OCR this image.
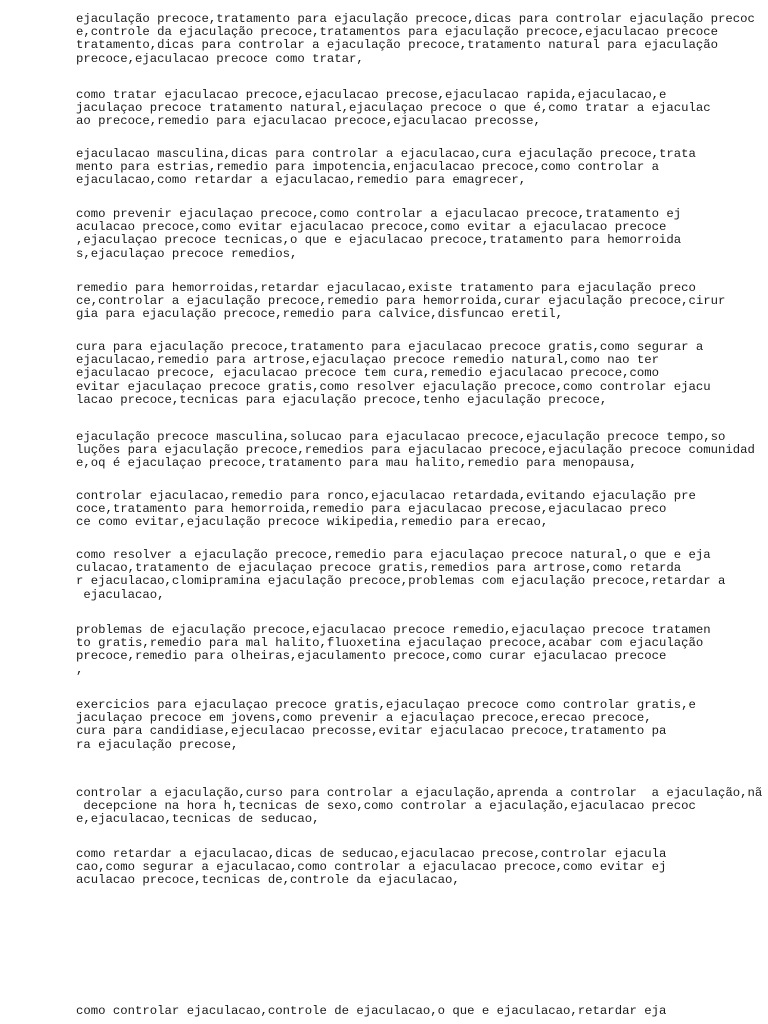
ejaculação precoce,tratamento para ejaculação precoce,dicas para controlar ejaculação precoc
e,controle da ejaculação precoce,tratamentos para ejaculação precoce,ejaculacao precoce
tratamento,dicas para controlar a ejaculação precoce,tratamento natural para ejaculação
precoce,ejaculacao precoce como tratar,

como tratar ejaculacao precoce,ejaculacao precose,ejaculacao rapida,ejaculacao,e
jaculaçao precoce tratamento natural,ejaculaçao precoce o que é,como tratar a ejaculac
ao precoce,remedio para ejaculacao precoce,ejaculacao precosse,

ejaculacao masculina,dicas para controlar a ejaculacao,cura ejaculação precoce,trata
mento para estrias,remedio para impotencia,enjaculacao precoce,como controlar a
ejaculacao,como retardar a ejaculacao,remedio para emagrecer,

como prevenir ejaculaçao precoce,como controlar a ejaculacao precoce,tratamento ej
aculacao precoce,como evitar ejaculacao precoce,como evitar a ejaculacao precoce
,ejaculaçao precoce tecnicas,o que e ejaculacao precoce,tratamento para hemorroida
s,ejaculaçao precoce remedios,

remedio para hemorroidas,retardar ejaculacao,existe tratamento para ejaculação preco
ce,controlar a ejaculação precoce,remedio para hemorroida,curar ejaculação precoce,cirur
gia para ejaculação precoce,remedio para calvice,disfuncao eretil,

cura para ejaculação precoce,tratamento para ejaculacao precoce gratis,como segurar a
ejaculacao,remedio para artrose,ejaculaçao precoce remedio natural,como nao ter
ejaculacao precoce, ejaculacao precoce tem cura,remedio ejaculacao precoce,como
evitar ejaculaçao precoce gratis,como resolver ejaculação precoce,como controlar ejacu
lacao precoce,tecnicas para ejaculação precoce,tenho ejaculação precoce,

ejaculação precoce masculina,solucao para ejaculacao precoce,ejaculação precoce tempo,so
luções para ejaculação precoce,remedios para ejaculacao precoce,ejaculação precoce comunidad
e,oq é ejaculaçao precoce,tratamento para mau halito,remedio para menopausa,

controlar ejaculacao,remedio para ronco,ejaculacao retardada,evitando ejaculação pre
coce,tratamento para hemorroida,remedio para ejaculacao precose,ejaculacao preco
ce como evitar,ejaculação precoce wikipedia,remedio para erecao,

como resolver a ejaculação precoce,remedio para ejaculaçao precoce natural,o que e eja
culacao,tratamento de ejaculaçao precoce gratis,remedios para artrose,como retarda
r ejaculacao,clomipramina ejaculação precoce,problemas com ejaculação precoce,retardar a
ejaculacao,

problemas de ejaculação precoce,ejaculacao precoce remedio,ejaculaçao precoce tratamen
to gratis,remedio para mal halito,fluoxetina ejaculaçao precoce,acabar com ejaculação
precoce,remedio para olheiras,ejaculamento precoce,como curar ejaculacao precoce
,

exercicios para ejaculaçao precoce gratis,ejaculaçao precoce como controlar gratis,e
jaculaçao precoce em jovens,como prevenir a ejaculaçao precoce,erecao precoce,
cura para candidiase,ejeculacao precosse,evitar ejaculacao precoce,tratamento pa
ra ejaculação precose,

controlar a ejaculação,curso para controlar a ejaculação,aprenda a controlar  a ejaculação,nã
decepcione na hora h,tecnicas de sexo,como controlar a ejaculação,ejaculacao precoc
e,ejaculacao,tecnicas de seducao,

como retardar a ejaculacao,dicas de seducao,ejaculacao precose,controlar ejacula
cao,como segurar a ejaculacao,como controlar a ejaculacao precoce,como evitar ej
aculacao precoce,tecnicas de,controle da ejaculacao,

como controlar ejaculacao,controle de ejaculacao,o que e ejaculacao,retardar eja
